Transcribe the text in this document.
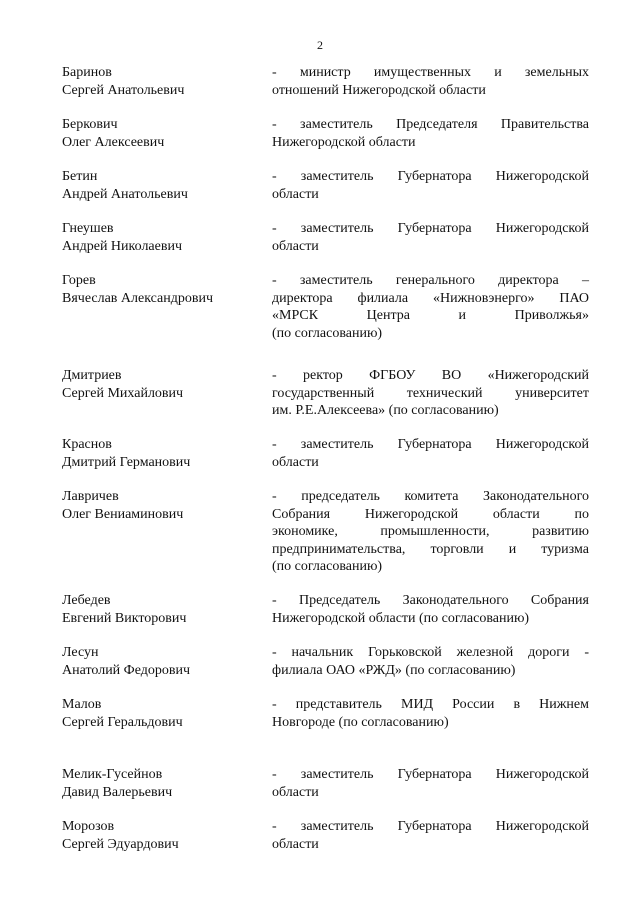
2
Баринов
Сергей Анатольевич
- министр имущественных и земельных
отношений Нижегородской области
Беркович
Олег Алексеевич
- заместитель Председателя Правительства
Нижегородской области
Бетин
Андрей Анатольевич
- заместитель Губернатора Нижегородской
области
Гнеушев
Андрей Николаевич
- заместитель Губернатора Нижегородской
области
Горев
Вячеслав Александрович
- заместитель генерального директора –
директора филиала «Нижновэнерго» ПАО
«МРСК Центра и Приволжья»
(по согласованию)
Дмитриев
Сергей Михайлович
- ректор ФГБОУ ВО «Нижегородский
государственный технический университет
им. Р.Е.Алексеева» (по согласованию)
Краснов
Дмитрий Германович
- заместитель Губернатора Нижегородской
области
Лавричев
Олег Вениаминович
- председатель комитета Законодательного
Собрания Нижегородской области по
экономике, промышленности, развитию
предпринимательства, торговли и туризма
(по согласованию)
Лебедев
Евгений Викторович
- Председатель Законодательного Собрания
Нижегородской области (по согласованию)
Лесун
Анатолий Федорович
- начальник Горьковской железной дороги -
филиала ОАО «РЖД» (по согласованию)
Малов
Сергей Геральдович
- представитель МИД России в Нижнем
Новгороде (по согласованию)
Мелик-Гусейнов
Давид Валерьевич
- заместитель Губернатора Нижегородской
области
Морозов
Сергей Эдуардович
- заместитель Губернатора Нижегородской
области
